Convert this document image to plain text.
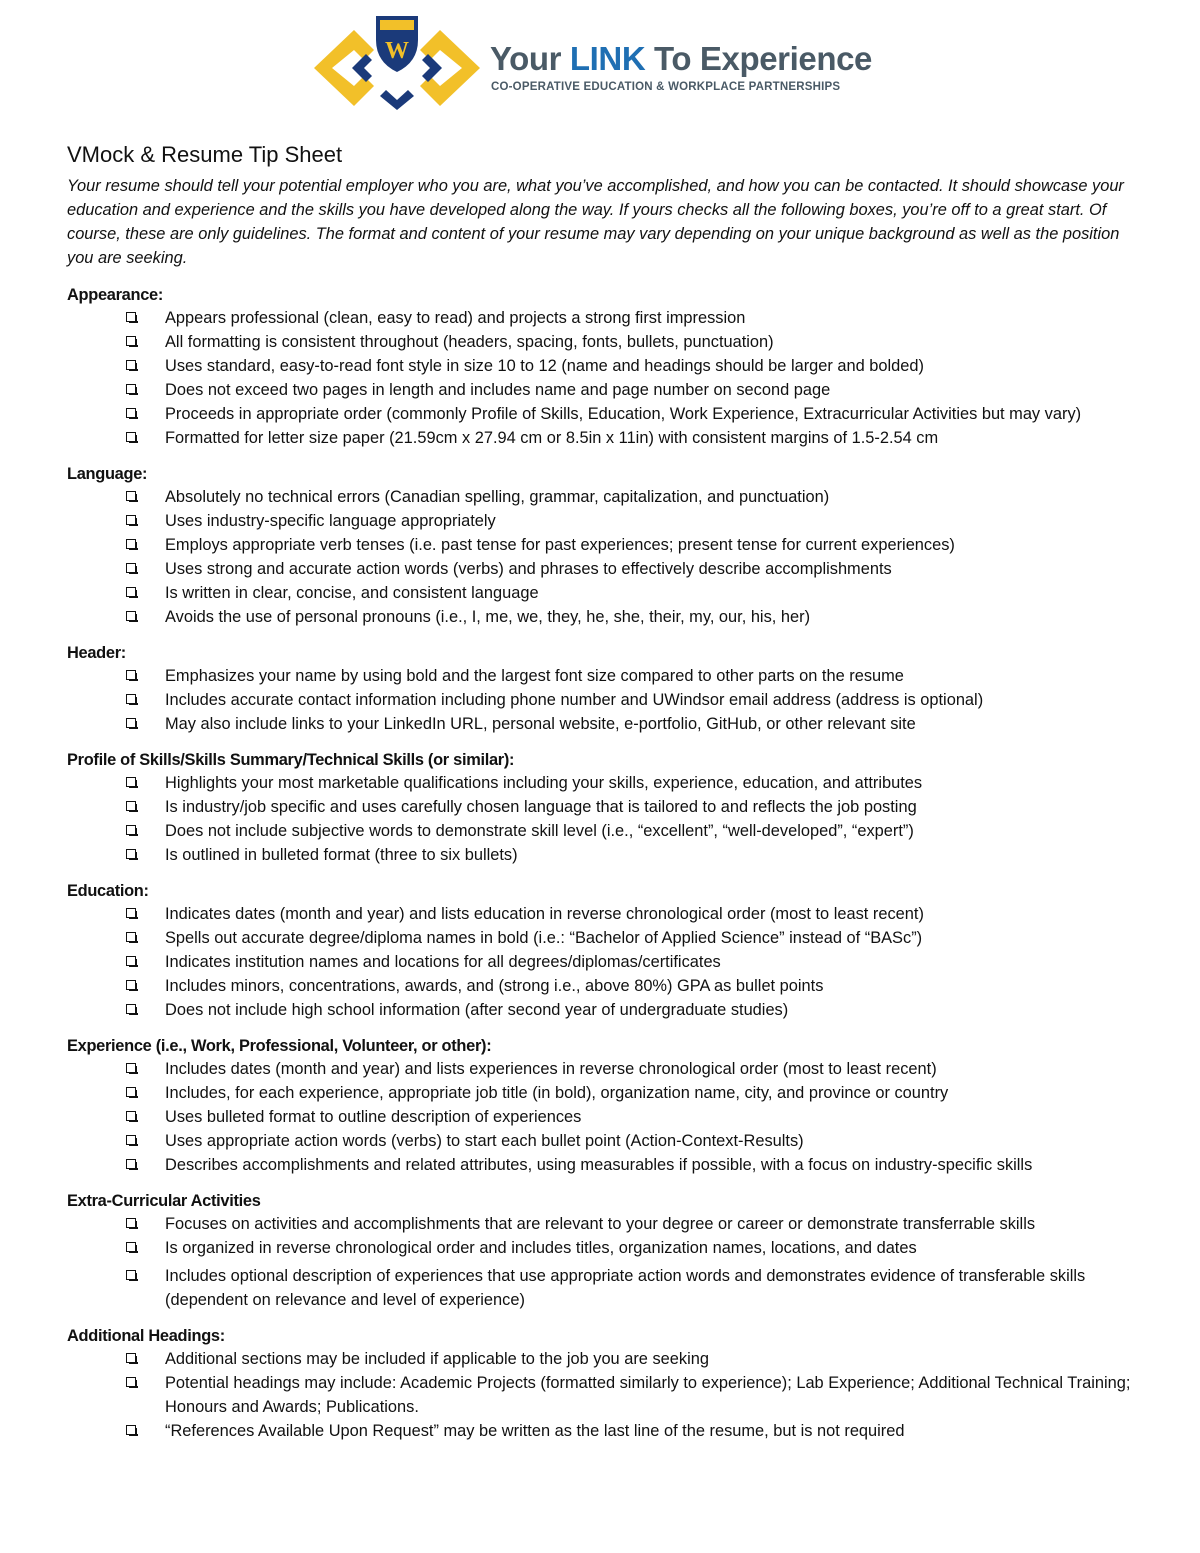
W Your LINK To Experience
CO-OPERATIVE EDUCATION & WORKPLACE PARTNERSHIPS
VMock & Resume Tip Sheet

Your resume should tell your potential employer who you are, what you’ve accomplished, and how you can be contacted. It should showcase your education and experience and the skills you have developed along the way. If yours checks all the following boxes, you’re off to a great start. Of course, these are only guidelines. The format and content of your resume may vary depending on your unique background as well as the position you are seeking.

Appearance:
Appears professional (clean, easy to read) and projects a strong first impression
All formatting is consistent throughout (headers, spacing, fonts, bullets, punctuation)
Uses standard, easy-to-read font style in size 10 to 12 (name and headings should be larger and bolded)
Does not exceed two pages in length and includes name and page number on second page
Proceeds in appropriate order (commonly Profile of Skills, Education, Work Experience, Extracurricular Activities but may vary)
Formatted for letter size paper (21.59cm x 27.94 cm or 8.5in x 11in) with consistent margins of 1.5-2.54 cm
Language:
Absolutely no technical errors (Canadian spelling, grammar, capitalization, and punctuation)
Uses industry-specific language appropriately
Employs appropriate verb tenses (i.e. past tense for past experiences; present tense for current experiences)
Uses strong and accurate action words (verbs) and phrases to effectively describe accomplishments
Is written in clear, concise, and consistent language
Avoids the use of personal pronouns (i.e., I, me, we, they, he, she, their, my, our, his, her)
Header:
Emphasizes your name by using bold and the largest font size compared to other parts on the resume
Includes accurate contact information including phone number and UWindsor email address (address is optional)
May also include links to your LinkedIn URL, personal website, e-portfolio, GitHub, or other relevant site
Profile of Skills/Skills Summary/Technical Skills (or similar):
Highlights your most marketable qualifications including your skills, experience, education, and attributes
Is industry/job specific and uses carefully chosen language that is tailored to and reflects the job posting
Does not include subjective words to demonstrate skill level (i.e., “excellent”, “well-developed”, “expert”)
Is outlined in bulleted format (three to six bullets)
Education:
Indicates dates (month and year) and lists education in reverse chronological order (most to least recent)
Spells out accurate degree/diploma names in bold (i.e.: “Bachelor of Applied Science” instead of “BASc”)
Indicates institution names and locations for all degrees/diplomas/certificates
Includes minors, concentrations, awards, and (strong i.e., above 80%) GPA as bullet points
Does not include high school information (after second year of undergraduate studies)
Experience (i.e., Work, Professional, Volunteer, or other):
Includes dates (month and year) and lists experiences in reverse chronological order (most to least recent)
Includes, for each experience, appropriate job title (in bold), organization name, city, and province or country
Uses bulleted format to outline description of experiences
Uses appropriate action words (verbs) to start each bullet point (Action-Context-Results)
Describes accomplishments and related attributes, using measurables if possible, with a focus on industry-specific skills
Extra-Curricular Activities
Focuses on activities and accomplishments that are relevant to your degree or career or demonstrate transferrable skills
Is organized in reverse chronological order and includes titles, organization names, locations, and dates
Includes optional description of experiences that use appropriate action words and demonstrates evidence of transferable skills (dependent on relevance and level of experience)
Additional Headings:
Additional sections may be included if applicable to the job you are seeking
Potential headings may include: Academic Projects (formatted similarly to experience); Lab Experience; Additional Technical Training; Honours and Awards; Publications.
“References Available Upon Request” may be written as the last line of the resume, but is not required
